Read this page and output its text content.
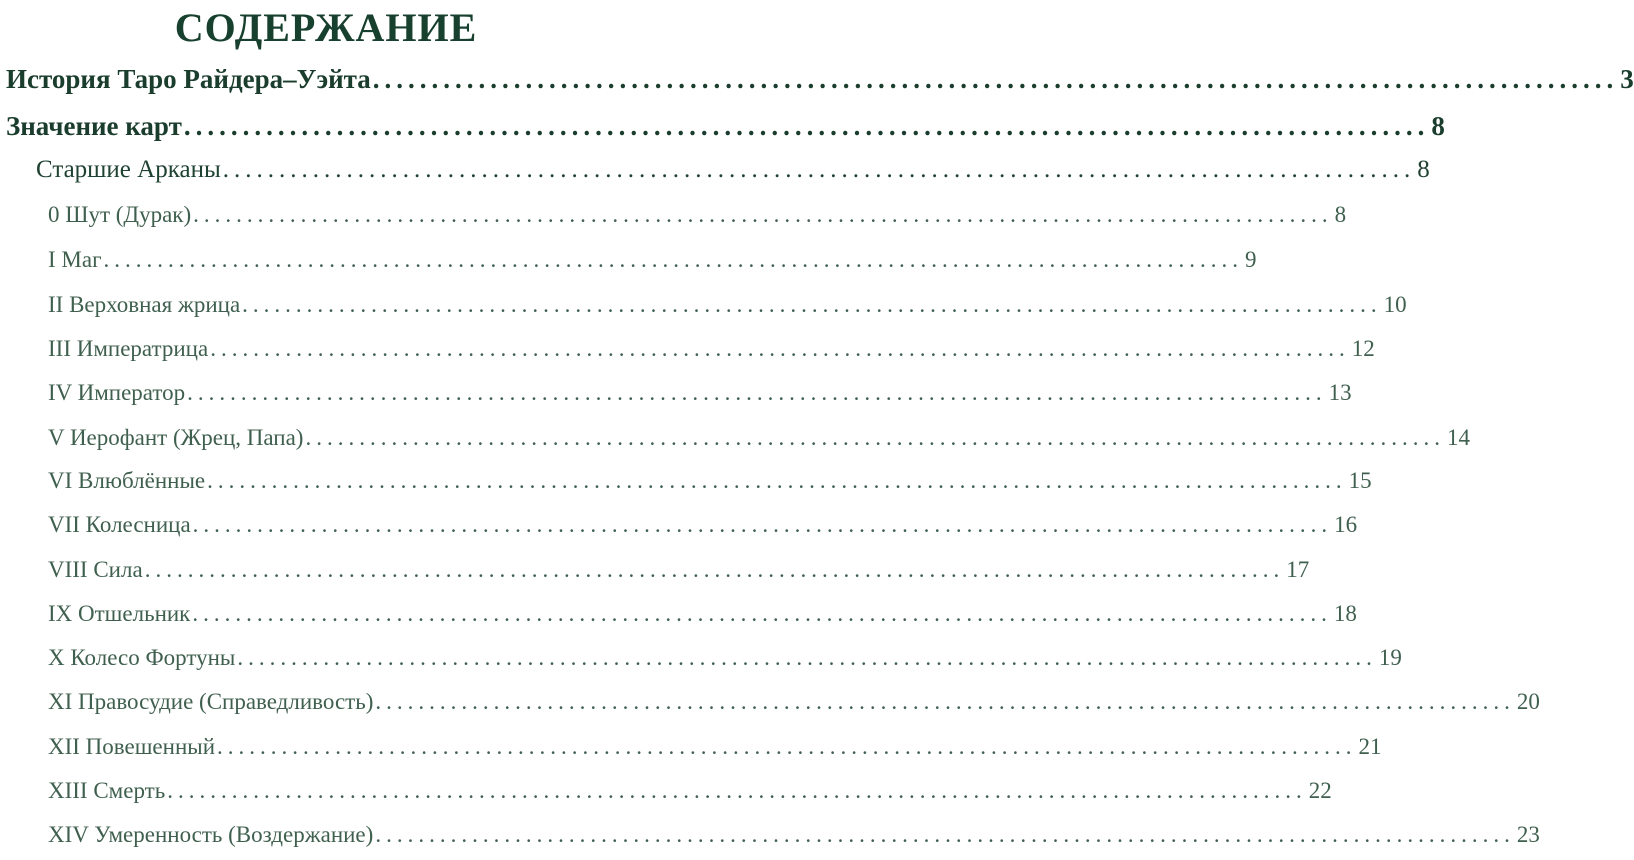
СОДЕРЖАНИЕ
История Таро Райдера–Уэйта .......................................................................................................... 3
Значение карт .......................................................................................................... 8
Старшие Арканы .......................................................................................................... 8
0 Шут (Дурак) .......................................................................................................... 8
I Маг .......................................................................................................... 9
II Верховная жрица .......................................................................................................... 10
III Императрица .......................................................................................................... 12
IV Император .......................................................................................................... 13
V Иерофант (Жрец, Папа) .......................................................................................................... 14
VI Влюблённые .......................................................................................................... 15
VII Колесница .......................................................................................................... 16
VIII Сила .......................................................................................................... 17
IX Отшельник .......................................................................................................... 18
X Колесо Фортуны .......................................................................................................... 19
XI Правосудие (Справедливость) .......................................................................................................... 20
XII Повешенный .......................................................................................................... 21
XIII Смерть .......................................................................................................... 22
XIV Умеренность (Воздержание) .......................................................................................................... 23
